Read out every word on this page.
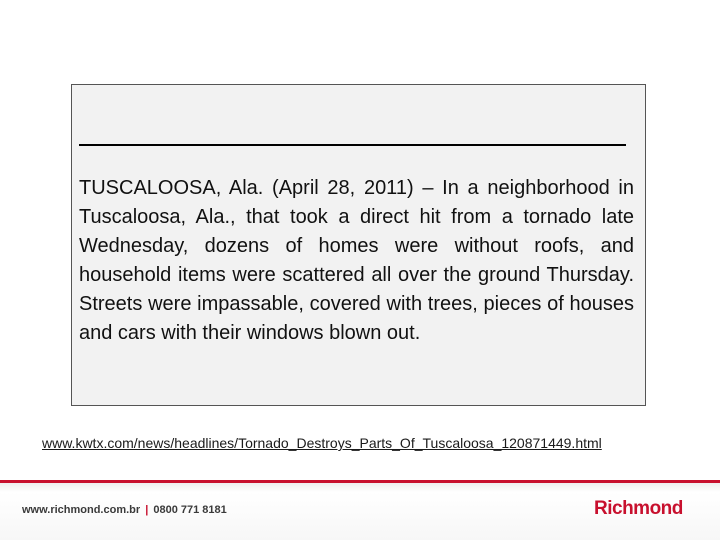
TUSCALOOSA, Ala. (April 28, 2011) – In a neighborhood in Tuscaloosa, Ala., that took a direct hit from a tornado late Wednesday, dozens of homes were without roofs, and household items were scattered all over the ground Thursday. Streets were impassable, covered with trees, pieces of houses and cars with their windows blown out.

www.kwtx.com/news/headlines/Tornado_Destroys_Parts_Of_Tuscaloosa_120871449.html
www.richmond.com.br | 0800 771 8181	Richmond
